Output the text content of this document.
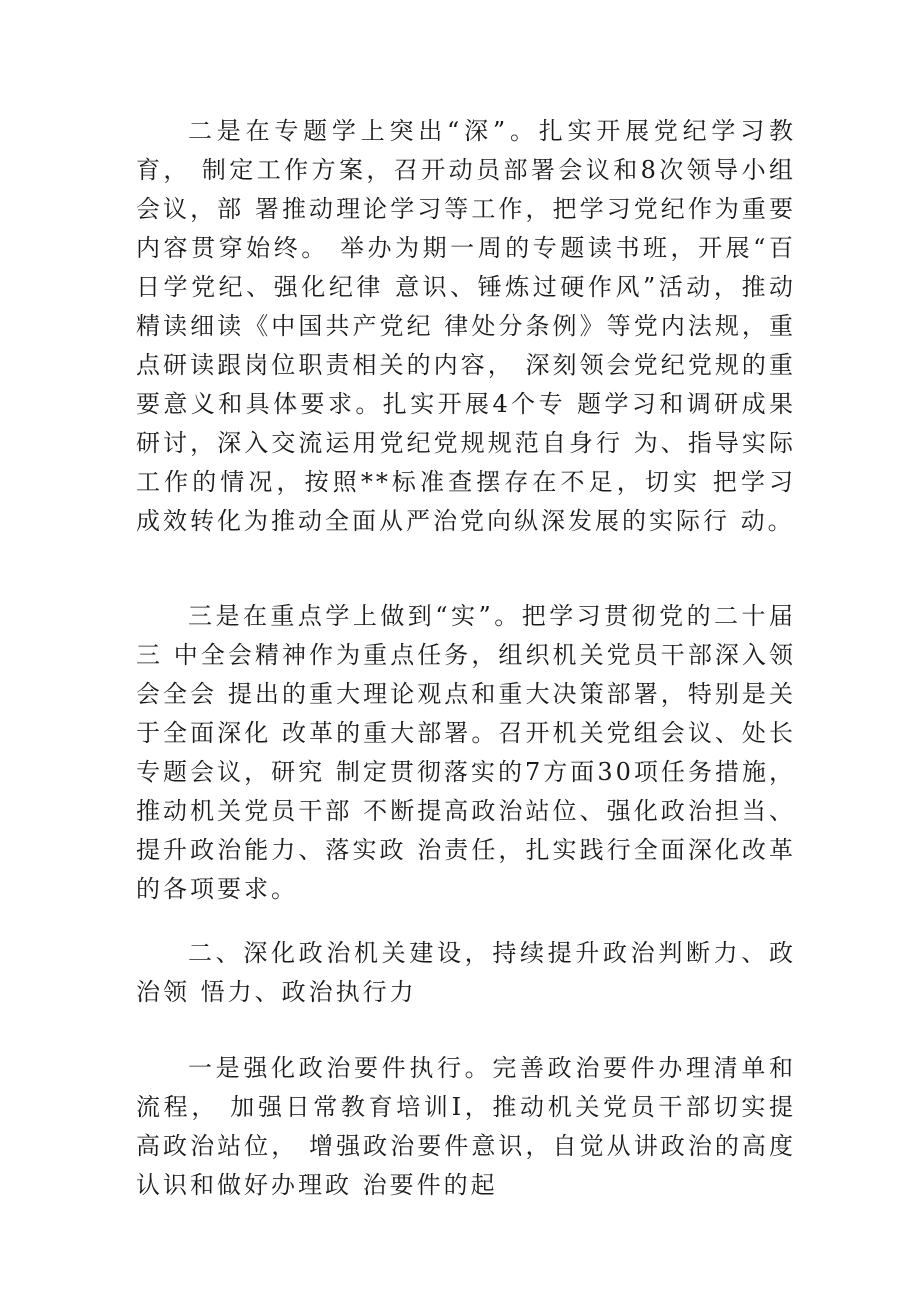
二是在专题学上突出“深”。扎实开展党纪学习教育， 制定工作方案，召开动员部署会议和8次领导小组会议，部 署推动理论学习等工作，把学习党纪作为重要内容贯穿始终。 举办为期一周的专题读书班，开展“百日学党纪、强化纪律 意识、锤炼过硬作风”活动，推动精读细读《中国共产党纪 律处分条例》等党内法规，重点研读跟岗位职责相关的内容， 深刻领会党纪党规的重要意义和具体要求。扎实开展4个专 题学习和调研成果研讨，深入交流运用党纪党规规范自身行 为、指导实际工作的情况，按照**标准查摆存在不足，切实 把学习成效转化为推动全面从严治党向纵深发展的实际行 动。

三是在重点学上做到“实”。把学习贯彻党的二十届三 中全会精神作为重点任务，组织机关党员干部深入领会全会 提出的重大理论观点和重大决策部署，特别是关于全面深化 改革的重大部署。召开机关党组会议、处长专题会议，研究 制定贯彻落实的7方面30项任务措施，推动机关党员干部 不断提高政治站位、强化政治担当、提升政治能力、落实政 治责任，扎实践行全面深化改革的各项要求。

二、深化政治机关建设，持续提升政治判断力、政治领 悟力、政治执行力

一是强化政治要件执行。完善政治要件办理清单和流程， 加强日常教育培训I，推动机关党员干部切实提高政治站位， 增强政治要件意识，自觉从讲政治的高度认识和做好办理政 治要件的起
